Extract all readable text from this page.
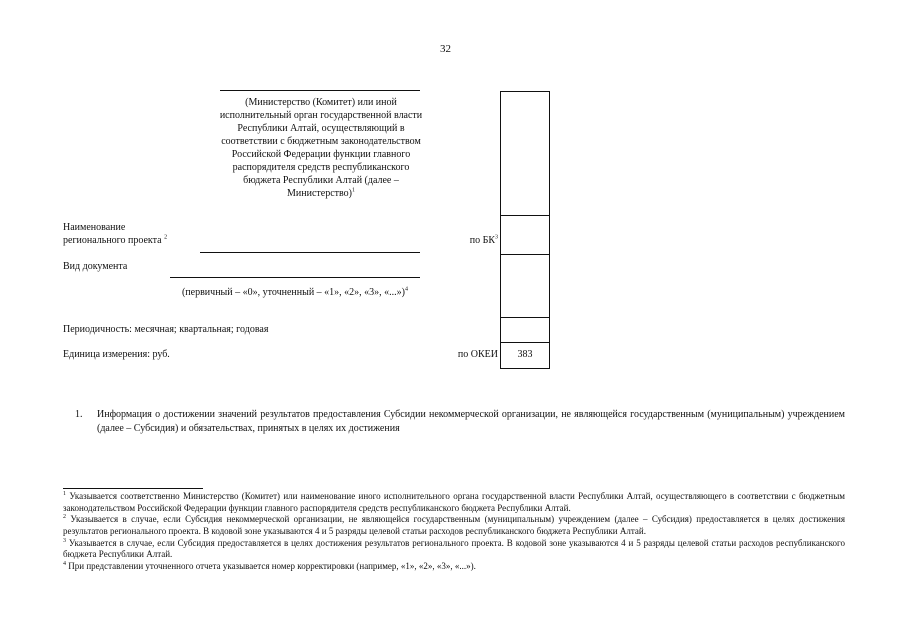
32
(Министерство (Комитет) или иной исполнительный орган государственной власти Республики Алтай, осуществляющий в соответствии с бюджетным законодательством Российской Федерации функции главного распорядителя средств республиканского бюджета Республики Алтай (далее – Министерство)$^1$
Наименование
регионального проекта $^2$
Вид документа
(первичный – «0», уточненный – «1», «2», «3», «...»)$^4$
Периодичность: месячная; квартальная; годовая
Единица измерения: руб.
по БК$^3$
по ОКЕИ	383
1.	Информация о достижении значений результатов предоставления Субсидии некоммерческой организации, не являющейся государственным (муниципальным) учреждением (далее – Субсидия) и обязательствах, принятых в целях их достижения

$^1$ Указывается соответственно Министерство (Комитет) или наименование иного исполнительного органа государственной власти Республики Алтай, осуществляющего в соответствии с бюджетным законодательством Российской Федерации функции главного распорядителя средств республиканского бюджета Республики Алтай.

$^2$ Указывается в случае, если Субсидия некоммерческой организации, не являющейся государственным (муниципальным) учреждением (далее – Субсидия) предоставляется в целях достижения результатов регионального проекта. В кодовой зоне указываются 4 и 5 разряды целевой статьи расходов республиканского бюджета Республики Алтай.

$^3$ Указывается в случае, если Субсидия предоставляется в целях достижения результатов регионального проекта. В кодовой зоне указываются 4 и 5 разряды целевой статьи расходов республиканского бюджета Республики Алтай.

$^4$ При представлении уточненного отчета указывается номер корректировки (например, «1», «2», «3», «...»).
